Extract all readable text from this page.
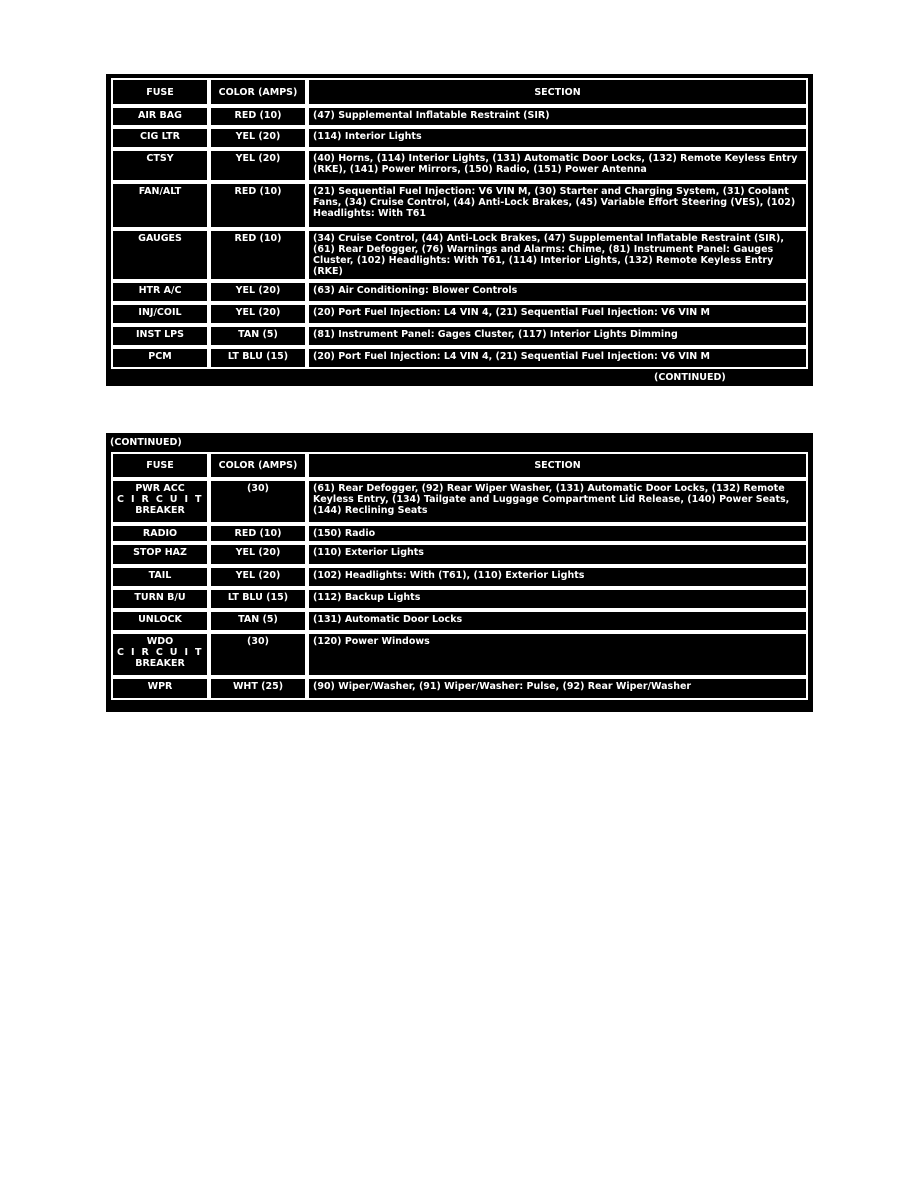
FUSE	COLOR (AMPS)	SECTION
AIR BAG	RED (10)	(47) Supplemental Inflatable Restraint (SIR)
CIG LTR	YEL (20)	(114) Interior Lights
CTSY	YEL (20)	(40) Horns, (114) Interior Lights, (131) Automatic Door Locks, (132) Remote Keyless Entry (RKE), (141) Power Mirrors, (150) Radio, (151) Power Antenna
FAN/ALT	RED (10)	(21) Sequential Fuel Injection: V6 VIN M, (30) Starter and Charging System, (31) Coolant Fans, (34) Cruise Control, (44) Anti-Lock Brakes, (45) Variable Effort Steering (VES), (102) Headlights: With T61
GAUGES	RED (10)	(34) Cruise Control, (44) Anti-Lock Brakes, (47) Supplemental Inflatable Restraint (SIR), (61) Rear Defogger, (76) Warnings and Alarms: Chime, (81) Instrument Panel: Gauges Cluster, (102) Headlights: With T61, (114) Interior Lights, (132) Remote Keyless Entry (RKE)
HTR A/C	YEL (20)	(63) Air Conditioning: Blower Controls
INJ/COIL	YEL (20)	(20) Port Fuel Injection: L4 VIN 4, (21) Sequential Fuel Injection: V6 VIN M
INST LPS	TAN (5)	(81) Instrument Panel: Gages Cluster, (117) Interior Lights Dimming
PCM	LT BLU (15)	(20) Port Fuel Injection: L4 VIN 4, (21) Sequential Fuel Injection: V6 VIN M
(CONTINUED)
(CONTINUED)
FUSE	COLOR (AMPS)	SECTION
PWR ACC
CIRCUIT
BREAKER	(30)	(61) Rear Defogger, (92) Rear Wiper Washer, (131) Automatic Door Locks, (132) Remote Keyless Entry, (134) Tailgate and Luggage Compartment Lid Release, (140) Power Seats, (144) Reclining Seats
RADIO	RED (10)	(150) Radio
STOP HAZ	YEL (20)	(110) Exterior Lights
TAIL	YEL (20)	(102) Headlights: With (T61), (110) Exterior Lights
TURN B/U	LT BLU (15)	(112) Backup Lights
UNLOCK	TAN (5)	(131) Automatic Door Locks
WDO
CIRCUIT
BREAKER	(30)	(120) Power Windows
WPR	WHT (25)	(90) Wiper/Washer, (91) Wiper/Washer: Pulse, (92) Rear Wiper/Washer
